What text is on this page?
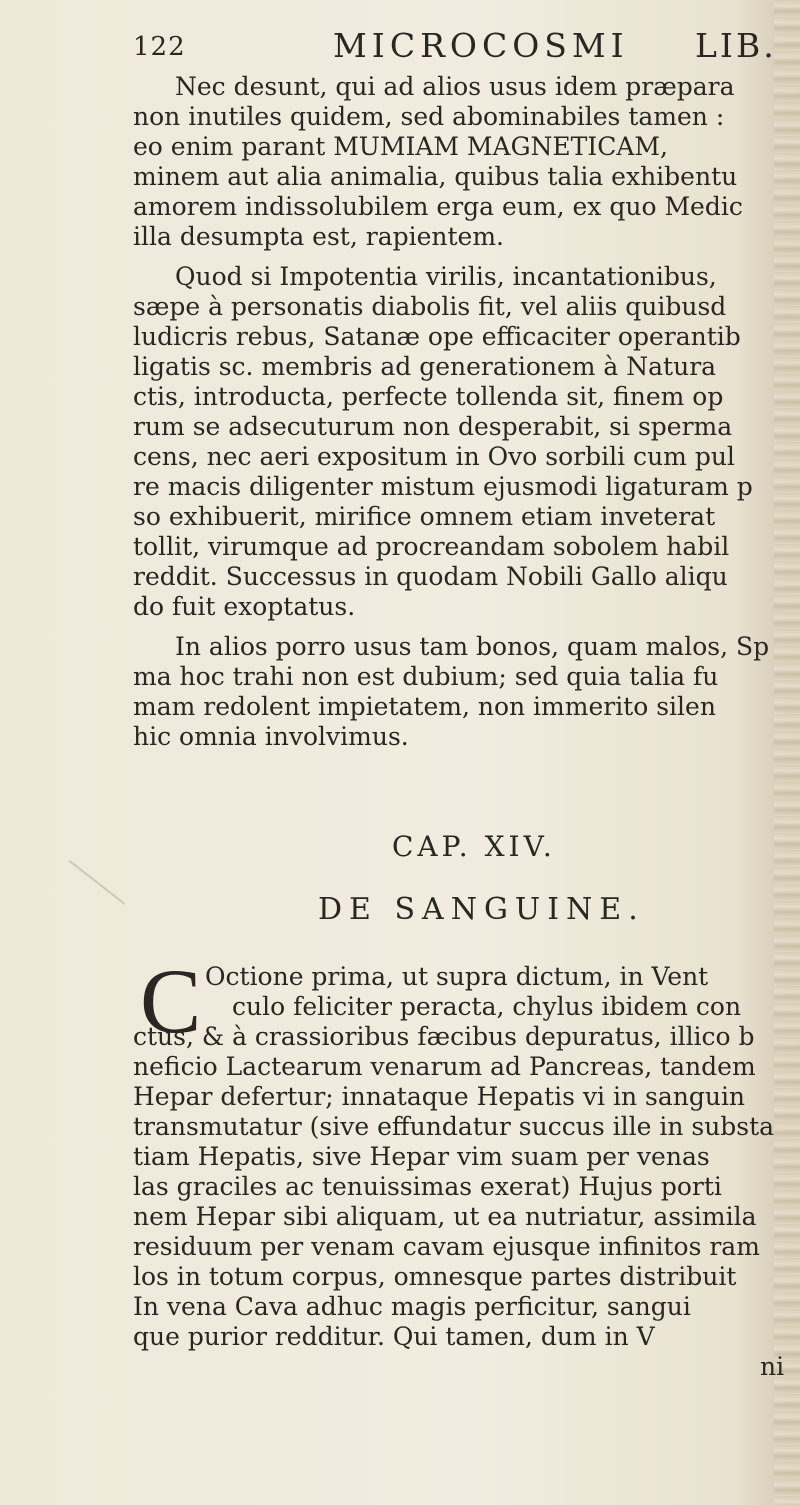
122	MICROCOSMI LIB.
Nec desunt, qui ad alios usus idem præpara
non inutiles quidem, sed abominabiles tamen :
eo enim parant MUMIAM MAGNETICAM,
minem aut alia animalia, quibus talia exhibentu
amorem indissolubilem erga eum, ex quo Medic
illa desumpta est, rapientem.
Quod si Impotentia virilis, incantationibus,
sæpe à personatis diabolis fit, vel aliis quibusd
ludicris rebus, Satanæ ope efficaciter operantib
ligatis sc. membris ad generationem à Natura
ctis, introducta, perfecte tollenda sit, finem op
rum se adsecuturum non desperabit, si sperma
cens, nec aeri expositum in Ovo sorbili cum pul
re macis diligenter mistum ejusmodi ligaturam p
so exhibuerit, mirifice omnem etiam inveterat
tollit, virumque ad procreandam sobolem habil
reddit. Successus in quodam Nobili Gallo aliqu
do fuit exoptatus.
In alios porro usus tam bonos, quam malos, Sp
ma hoc trahi non est dubium; sed quia talia fu
mam redolent impietatem, non immerito silen
hic omnia involvimus.
CAP. XIV.
DE SANGUINE.
C Octione prima, ut supra dictum, in Vent
culo feliciter peracta, chylus ibidem con
ctus, & à crassioribus fæcibus depuratus, illico b
neficio Lactearum venarum ad Pancreas, tandem
Hepar defertur; innataque Hepatis vi in sanguin
transmutatur (sive effundatur succus ille in substa
tiam Hepatis, sive Hepar vim suam per venas
las graciles ac tenuissimas exerat) Hujus porti
nem Hepar sibi aliquam, ut ea nutriatur, assimila
residuum per venam cavam ejusque infinitos ram
los in totum corpus, omnesque partes distribuit
In vena Cava adhuc magis perficitur, sangui
que purior redditur. Qui tamen, dum in V
ni
